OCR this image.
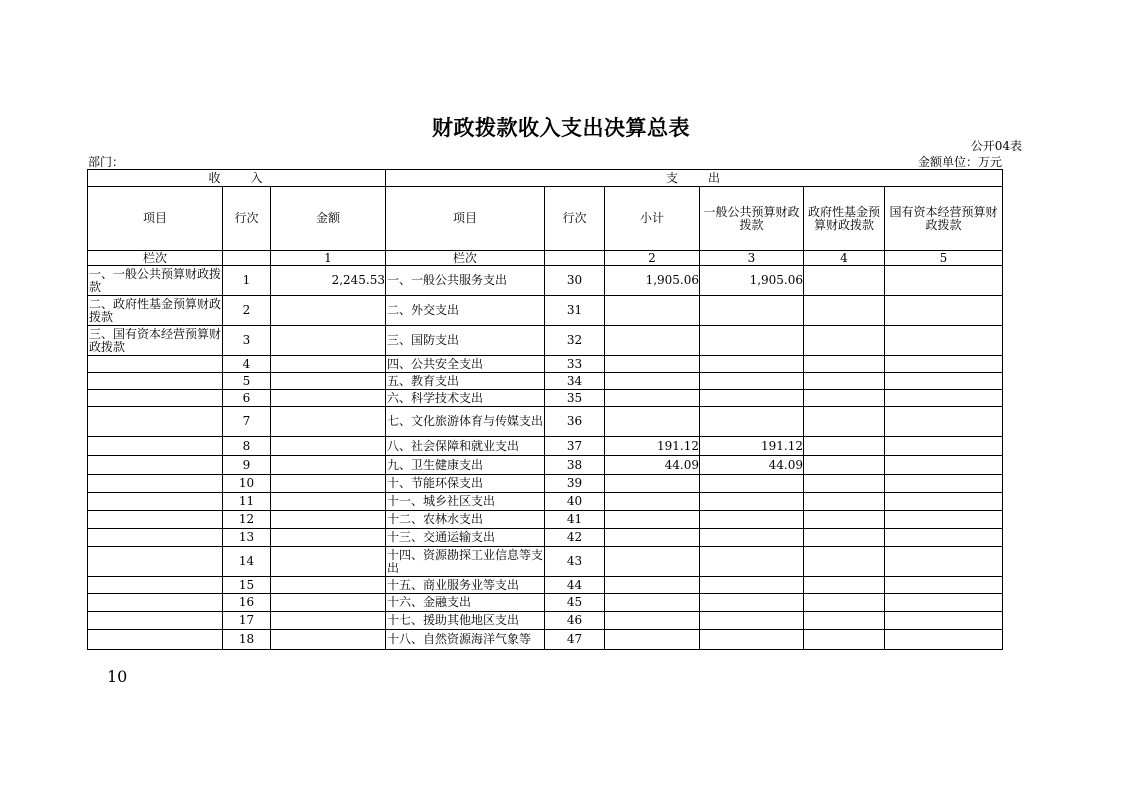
财政拨款收入支出决算总表
公开04表
部门：	金额单位：万元
收　　入			支　　出					
项目	行次	金额	项目	行次	小计	一般公共预算财政拨款	政府性基金预算财政拨款	国有资本经营预算财政拨款
栏次		1	栏次		2	3	4	5
一、一般公共预算财政拨款	1	2,245.53	一、一般公共服务支出	30	1,905.06	1,905.06		
二、政府性基金预算财政拨款	2		二、外交支出	31				
三、国有资本经营预算财政拨款	3		三、国防支出	32				
	4		四、公共安全支出	33				
	5		五、教育支出	34				
	6		六、科学技术支出	35				
	7		七、文化旅游体育与传媒支出	36				
	8		八、社会保障和就业支出	37	191.12	191.12		
	9		九、卫生健康支出	38	44.09	44.09		
	10		十、节能环保支出	39				
	11		十一、城乡社区支出	40				
	12		十二、农林水支出	41				
	13		十三、交通运输支出	42				
	14		十四、资源勘探工业信息等支出	43				
	15		十五、商业服务业等支出	44				
	16		十六、金融支出	45				
	17		十七、援助其他地区支出	46				
	18		十八、自然资源海洋气象等	47				
10
